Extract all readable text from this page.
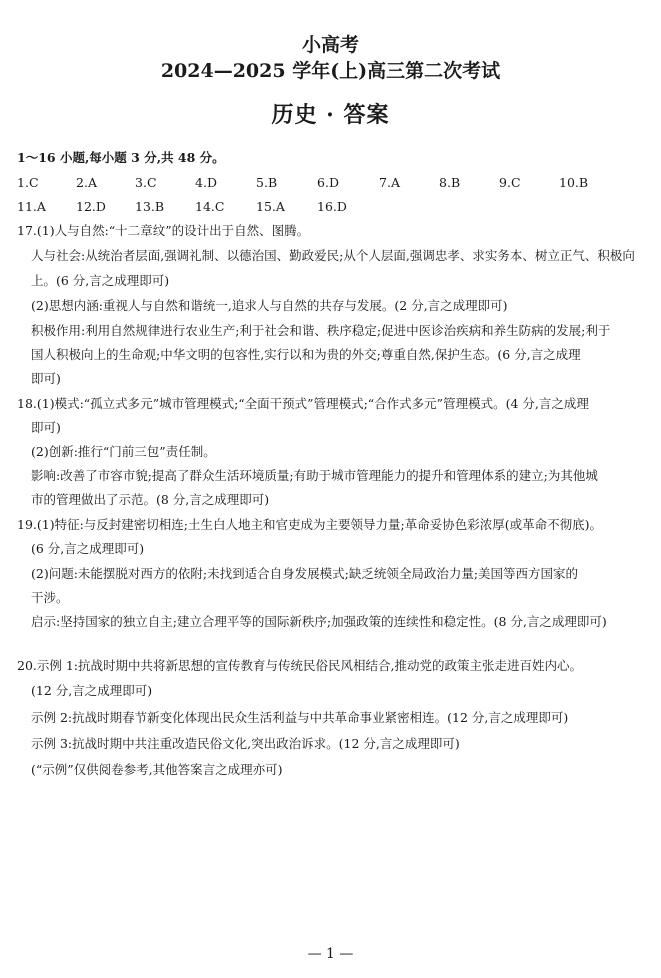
小高考
2024—2025 学年(上)高三第二次考试
历史 · 答案
1～16 小题,每小题 3 分,共 48 分。
1.C	2.A	3.C	4.D	5.B	6.D	7.A	8.B	9.C	10.B
11.A 12.D 13.B 14.C	15.A	16.D
17.(1)人与自然:“十二章纹”的设计出于自然、图腾。
人与社会:从统治者层面,强调礼制、以德治国、勤政爱民;从个人层面,强调忠孝、求实务本、树立正气、积极向
上。(6 分,言之成理即可)
(2)思想内涵:重视人与自然和谐统一,追求人与自然的共存与发展。(2 分,言之成理即可)
积极作用:利用自然规律进行农业生产;利于社会和谐、秩序稳定;促进中医诊治疾病和养生防病的发展;利于
国人积极向上的生命观;中华文明的包容性,实行以和为贵的外交;尊重自然,保护生态。(6 分,言之成理
即可)
18.(1)模式:“孤立式多元”城市管理模式;“全面干预式”管理模式;“合作式多元”管理模式。(4 分,言之成理
即可)
(2)创新:推行“门前三包”责任制。
影响:改善了市容市貌;提高了群众生活环境质量;有助于城市管理能力的提升和管理体系的建立;为其他城
市的管理做出了示范。(8 分,言之成理即可)
19.(1)特征:与反封建密切相连;土生白人地主和官吏成为主要领导力量;革命妥协色彩浓厚(或革命不彻底)。
(6 分,言之成理即可)
(2)问题:未能摆脱对西方的依附;未找到适合自身发展模式;缺乏统领全局政治力量;美国等西方国家的
干涉。
启示:坚持国家的独立自主;建立合理平等的国际新秩序;加强政策的连续性和稳定性。(8 分,言之成理即可)
20.示例 1:抗战时期中共将新思想的宣传教育与传统民俗民风相结合,推动党的政策主张走进百姓内心。
(12 分,言之成理即可)
示例 2:抗战时期春节新变化体现出民众生活利益与中共革命事业紧密相连。(12 分,言之成理即可)
示例 3:抗战时期中共注重改造民俗文化,突出政治诉求。(12 分,言之成理即可)
(“示例”仅供阅卷参考,其他答案言之成理亦可)
— 1 —
